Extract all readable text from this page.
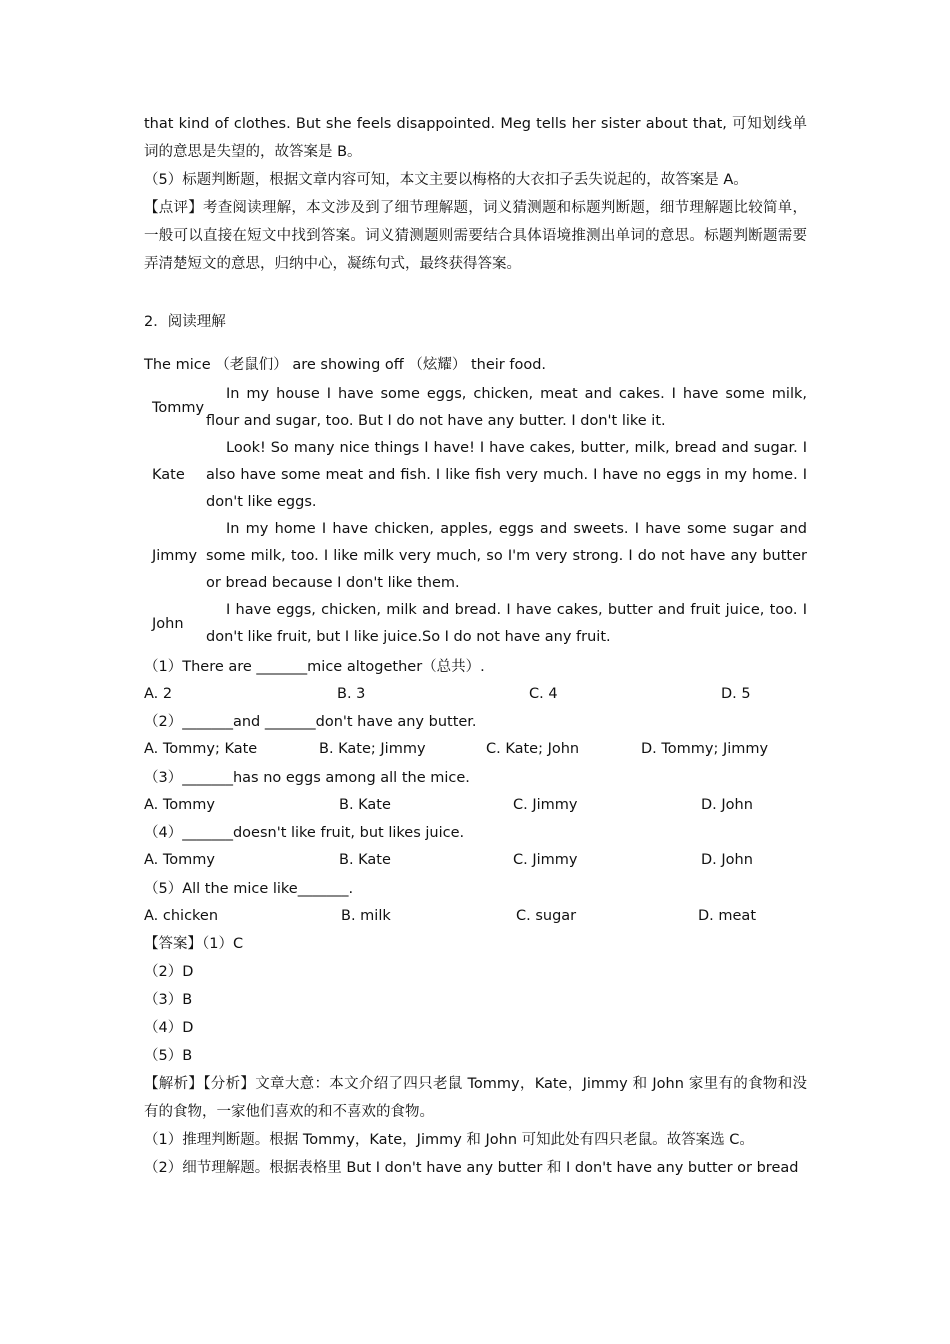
that kind of clothes. But she feels disappointed. Meg tells her sister about that, 可知划线单词的意思是失望的，故答案是 B。

（5）标题判断题，根据文章内容可知，本文主要以梅格的大衣扣子丢失说起的，故答案是 A。

【点评】考查阅读理解，本文涉及到了细节理解题，词义猜测题和标题判断题，细节理解题比较简单，一般可以直接在短文中找到答案。词义猜测题则需要结合具体语境推测出单词的意思。标题判断题需要弄清楚短文的意思，归纳中心，凝练句式，最终获得答案。

2．阅读理解

The mice （老鼠们） are showing off （炫耀） their food.

Tommy
In my house I have some eggs, chicken, meat and cakes. I have some milk, flour and sugar, too. But I do not have any butter. I don't like it.
Kate
Look! So many nice things I have! I have cakes, butter, milk, bread and sugar. I also have some meat and fish. I like fish very much. I have no eggs in my home. I don't like eggs.
Jimmy
In my home I have chicken, apples, eggs and sweets. I have some sugar and some milk, too. I like milk very much, so I'm very strong. I do not have any butter or bread because I don't like them.
John
I have eggs, chicken, milk and bread. I have cakes, butter and fruit juice, too. I don't like fruit, but I like juice.So I do not have any fruit.

（1）There are _______mice altogether（总共）.

A. 2	B. 3	C. 4	D. 5

（2）_______and _______don't have any butter.

A. Tommy; Kate	B. Kate; Jimmy	C. Kate; John	D. Tommy; Jimmy

（3）_______has no eggs among all the mice.

A. Tommy	B. Kate	C. Jimmy	D. John

（4）_______doesn't like fruit, but likes juice.

A. Tommy	B. Kate	C. Jimmy	D. John

（5）All the mice like_______.

A. chicken	B. milk	C. sugar	D. meat

【答案】（1）C

（2）D

（3）B

（4）D

（5）B

【解析】【分析】文章大意：本文介绍了四只老鼠 Tommy，Kate，Jimmy 和 John 家里有的食物和没有的食物，一家他们喜欢的和不喜欢的食物。

（1）推理判断题。根据 Tommy，Kate，Jimmy 和 John 可知此处有四只老鼠。故答案选 C。

（2）细节理解题。根据表格里 But I don't have any butter 和 I don't have any butter or bread
